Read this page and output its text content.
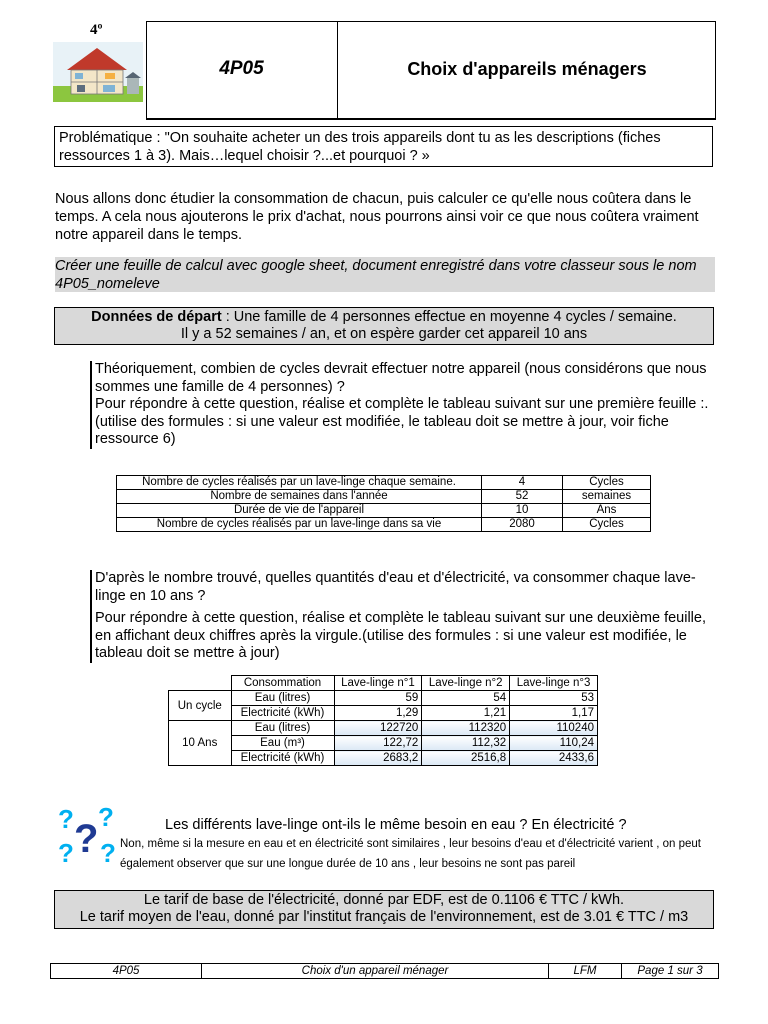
4º
4P05	Choix d'appareils ménagers
Problématique : "On souhaite acheter un des trois appareils dont tu as les descriptions (fiches ressources 1 à 3). Mais…lequel choisir ?...et pourquoi ? »
Nous allons donc étudier la consommation de chacun, puis calculer ce qu'elle nous coûtera dans le temps. A cela nous ajouterons le prix d'achat, nous pourrons ainsi voir ce que nous coûtera vraiment notre appareil dans le temps.
Créer une feuille de calcul avec google sheet, document enregistré dans votre classeur sous le nom 4P05_nomeleve
Données de départ : Une famille de 4 personnes effectue en moyenne 4 cycles / semaine.
Il y a 52 semaines / an, et on espère garder cet appareil 10 ans
Théoriquement, combien de cycles devrait effectuer notre appareil (nous considérons que nous sommes une famille de 4 personnes) ?
Pour répondre à cette question, réalise et complète le tableau suivant sur une première feuille :. (utilise des formules : si une valeur est modifiée, le tableau doit se mettre à jour, voir fiche ressource 6)
Nombre de cycles réalisés par un lave-linge chaque semaine.	4	Cycles
Nombre de semaines dans l'année	52	semaines
Durée de vie de l'appareil	10	Ans
Nombre de cycles réalisés par un lave-linge dans sa vie	2080	Cycles
D'après le nombre trouvé, quelles quantités d'eau et d'électricité, va consommer chaque lave-linge en 10 ans ?
Pour répondre à cette question, réalise et complète le tableau suivant sur une deuxième feuille, en affichant deux chiffres après la virgule.(utilise des formules : si une valeur est modifiée, le tableau doit se mettre à jour)
	Consommation	Lave-linge n°1	Lave-linge n°2	Lave-linge n°3
Un cycle	Eau (litres)	59	54	53
	Electricité (kWh)	1,29	1,21	1,17
10 Ans	Eau (litres)	122720	112320	110240
	Eau (m³)	122,72	112,32	110,24
	Electricité (kWh)	2683,2	2516,8	2433,6
? ?
? ?
?	Les différents lave-linge ont-ils le même besoin en eau ? En électricité ?
Non, même si la mesure en eau et en électricité sont similaires , leur besoins d'eau et d'électricité varient , on peut également observer que sur une longue durée de 10 ans , leur besoins ne sont pas pareil
Le tarif de base de l'électricité, donné par EDF, est de 0.1106 € TTC / kWh.
Le tarif moyen de l'eau, donné par l'institut français de l'environnement, est de 3.01 € TTC / m3
4P05	Choix d'un appareil ménager	LFM	Page 1 sur 3
